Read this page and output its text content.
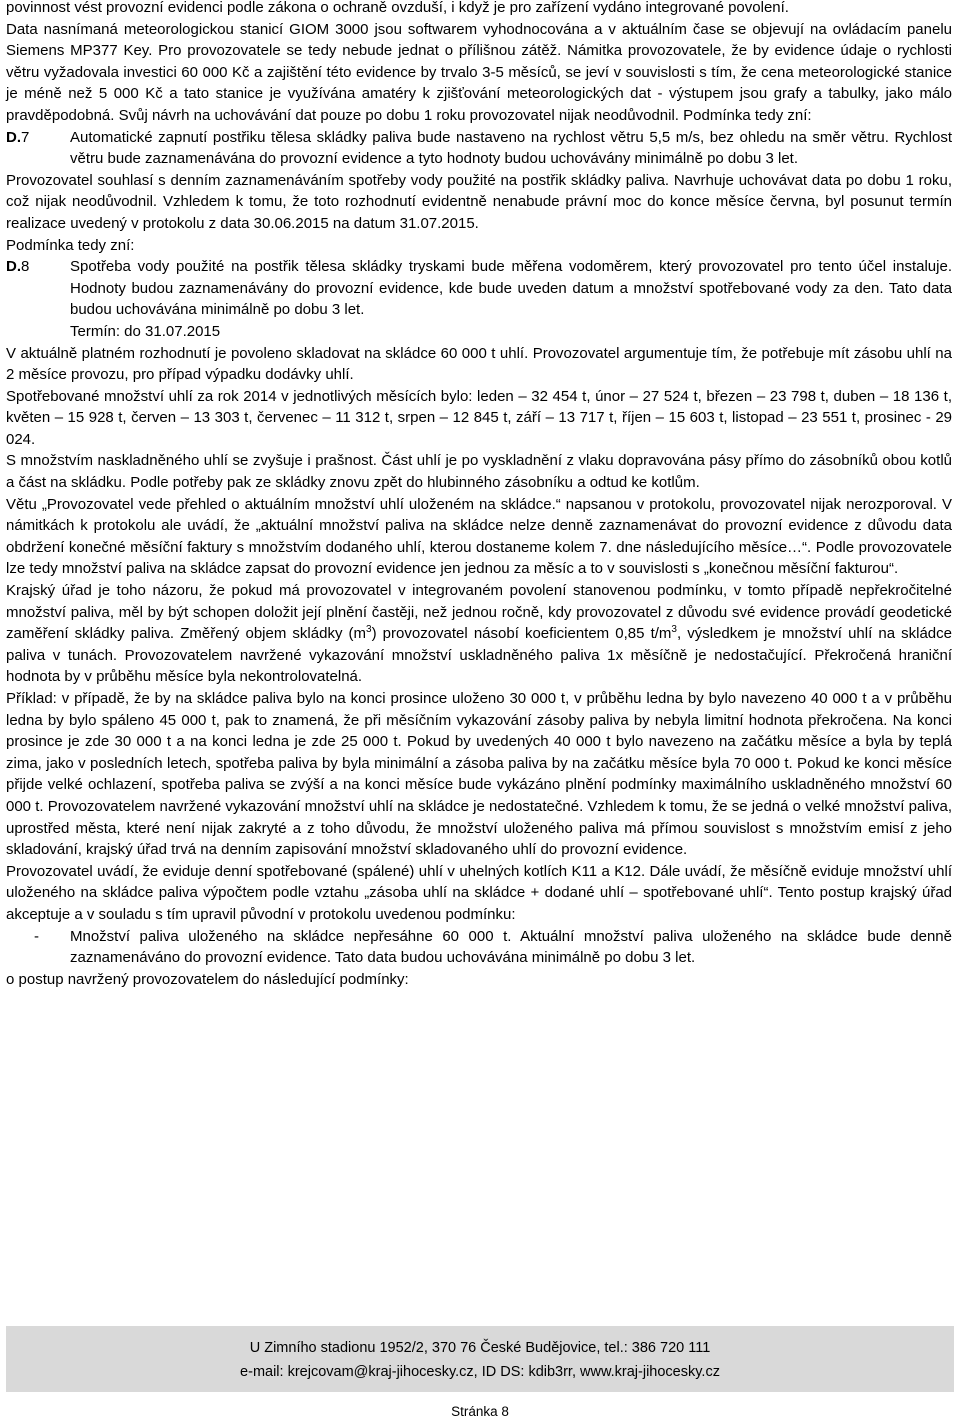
povinnost vést provozní evidenci podle zákona o ochraně ovzduší, i když je pro zařízení vydáno integrované povolení.

Data nasnímaná meteorologickou stanicí GIOM 3000 jsou softwarem vyhodnocována a v aktuálním čase se objevují na ovládacím panelu Siemens MP377 Key. Pro provozovatele se tedy nebude jednat o přílišnou zátěž. Námitka provozovatele, že by evidence údaje o rychlosti větru vyžadovala investici 60 000 Kč a zajištění této evidence by trvalo 3-5 měsíců, se jeví v souvislosti s tím, že cena meteorologické stanice je méně než 5 000 Kč a tato stanice je využívána amatéry k zjišťování meteorologických dat - výstupem jsou grafy a tabulky, jako málo pravděpodobná. Svůj návrh na uchovávání dat pouze po dobu 1 roku provozovatel nijak neodůvodnil. Podmínka tedy zní:

D.7	Automatické zapnutí postřiku tělesa skládky paliva bude nastaveno na rychlost větru 5,5 m/s, bez ohledu na směr větru. Rychlost větru bude zaznamenávána do provozní evidence a tyto hodnoty budou uchovávány minimálně po dobu 3 let.

Provozovatel souhlasí s denním zaznamenáváním spotřeby vody použité na postřik skládky paliva. Navrhuje uchovávat data po dobu 1 roku, což nijak neodůvodnil. Vzhledem k tomu, že toto rozhodnutí evidentně nenabude právní moc do konce měsíce června, byl posunut termín realizace uvedený v protokolu z data 30.06.2015 na datum 31.07.2015.

Podmínka tedy zní:

D.8	Spotřeba vody použité na postřik tělesa skládky tryskami bude měřena vodoměrem, který provozovatel pro tento účel instaluje. Hodnoty budou zaznamenávány do provozní evidence, kde bude uveden datum a množství spotřebované vody za den. Tato data budou uchovávána minimálně po dobu 3 let.
Termín: do 31.07.2015

V aktuálně platném rozhodnutí je povoleno skladovat na skládce 60 000 t uhlí. Provozovatel argumentuje tím, že potřebuje mít zásobu uhlí na 2 měsíce provozu, pro případ výpadku dodávky uhlí.

Spotřebované množství uhlí za rok 2014 v jednotlivých měsících bylo: leden – 32 454 t, únor – 27 524 t, březen – 23 798 t, duben – 18 136 t, květen – 15 928 t, červen – 13 303 t, červenec – 11 312 t, srpen – 12 845 t, září – 13 717 t, říjen – 15 603 t, listopad – 23 551 t, prosinec - 29 024.

S množstvím naskladněného uhlí se zvyšuje i prašnost. Část uhlí je po vyskladnění z vlaku dopravována pásy přímo do zásobníků obou kotlů a část na skládku. Podle potřeby pak ze skládky znovu zpět do hlubinného zásobníku a odtud ke kotlům.

Větu „Provozovatel vede přehled o aktuálním množství uhlí uloženém na skládce.“ napsanou v protokolu, provozovatel nijak nerozporoval. V námitkách k protokolu ale uvádí, že „aktuální množství paliva na skládce nelze denně zaznamenávat do provozní evidence z důvodu data obdržení konečné měsíční faktury s množstvím dodaného uhlí, kterou dostaneme kolem 7. dne následujícího měsíce…“. Podle provozovatele lze tedy množství paliva na skládce zapsat do provozní evidence jen jednou za měsíc a to v souvislosti s „konečnou měsíční fakturou“.

Krajský úřad je toho názoru, že pokud má provozovatel v integrovaném povolení stanovenou podmínku, v tomto případě nepřekročitelné množství paliva, měl by být schopen doložit její plnění častěji, než jednou ročně, kdy provozovatel z důvodu své evidence provádí geodetické zaměření skládky paliva. Změřený objem skládky $(m^3)$ provozovatel násobí koeficientem 0,85 $t/m^3$, výsledkem je množství uhlí na skládce paliva v tunách. Provozovatelem navržené vykazování množství uskladněného paliva 1x měsíčně je nedostačující. Překročená hraniční hodnota by v průběhu měsíce byla nekontrolovatelná.

Příklad: v případě, že by na skládce paliva bylo na konci prosince uloženo 30 000 t, v průběhu ledna by bylo navezeno 40 000 t a v průběhu ledna by bylo spáleno 45 000 t, pak to znamená, že při měsíčním vykazování zásoby paliva by nebyla limitní hodnota překročena. Na konci prosince je zde 30 000 t a na konci ledna je zde 25 000 t. Pokud by uvedených 40 000 t bylo navezeno na začátku měsíce a byla by teplá zima, jako v posledních letech, spotřeba paliva by byla minimální a zásoba paliva by na začátku měsíce byla 70 000 t. Pokud ke konci měsíce přijde velké ochlazení, spotřeba paliva se zvýší a na konci měsíce bude vykázáno plnění podmínky maximálního uskladněného množství 60 000 t. Provozovatelem navržené vykazování množství uhlí na skládce je nedostatečné. Vzhledem k tomu, že se jedná o velké množství paliva, uprostřed města, které není nijak zakryté a z toho důvodu, že množství uloženého paliva má přímou souvislost s množstvím emisí z jeho skladování, krajský úřad trvá na denním zapisování množství skladovaného uhlí do provozní evidence.

Provozovatel uvádí, že eviduje denní spotřebované (spálené) uhlí v uhelných kotlích K11 a K12. Dále uvádí, že měsíčně eviduje množství uhlí uloženého na skládce paliva výpočtem podle vztahu „zásoba uhlí na skládce + dodané uhlí – spotřebované uhlí“. Tento postup krajský úřad akceptuje a v souladu s tím upravil původní v protokolu uvedenou podmínku:

-	Množství paliva uloženého na skládce nepřesáhne 60 000 t. Aktuální množství paliva uloženého na skládce bude denně zaznamenáváno do provozní evidence. Tato data budou uchovávána minimálně po dobu 3 let.

o postup navržený provozovatelem do následující podmínky:

U Zimního stadionu 1952/2, 370 76 České Budějovice, tel.: 386 720 111
e-mail: krejcovam@kraj-jihocesky.cz, ID DS: kdib3rr, www.kraj-jihocesky.cz
Stránka 8
